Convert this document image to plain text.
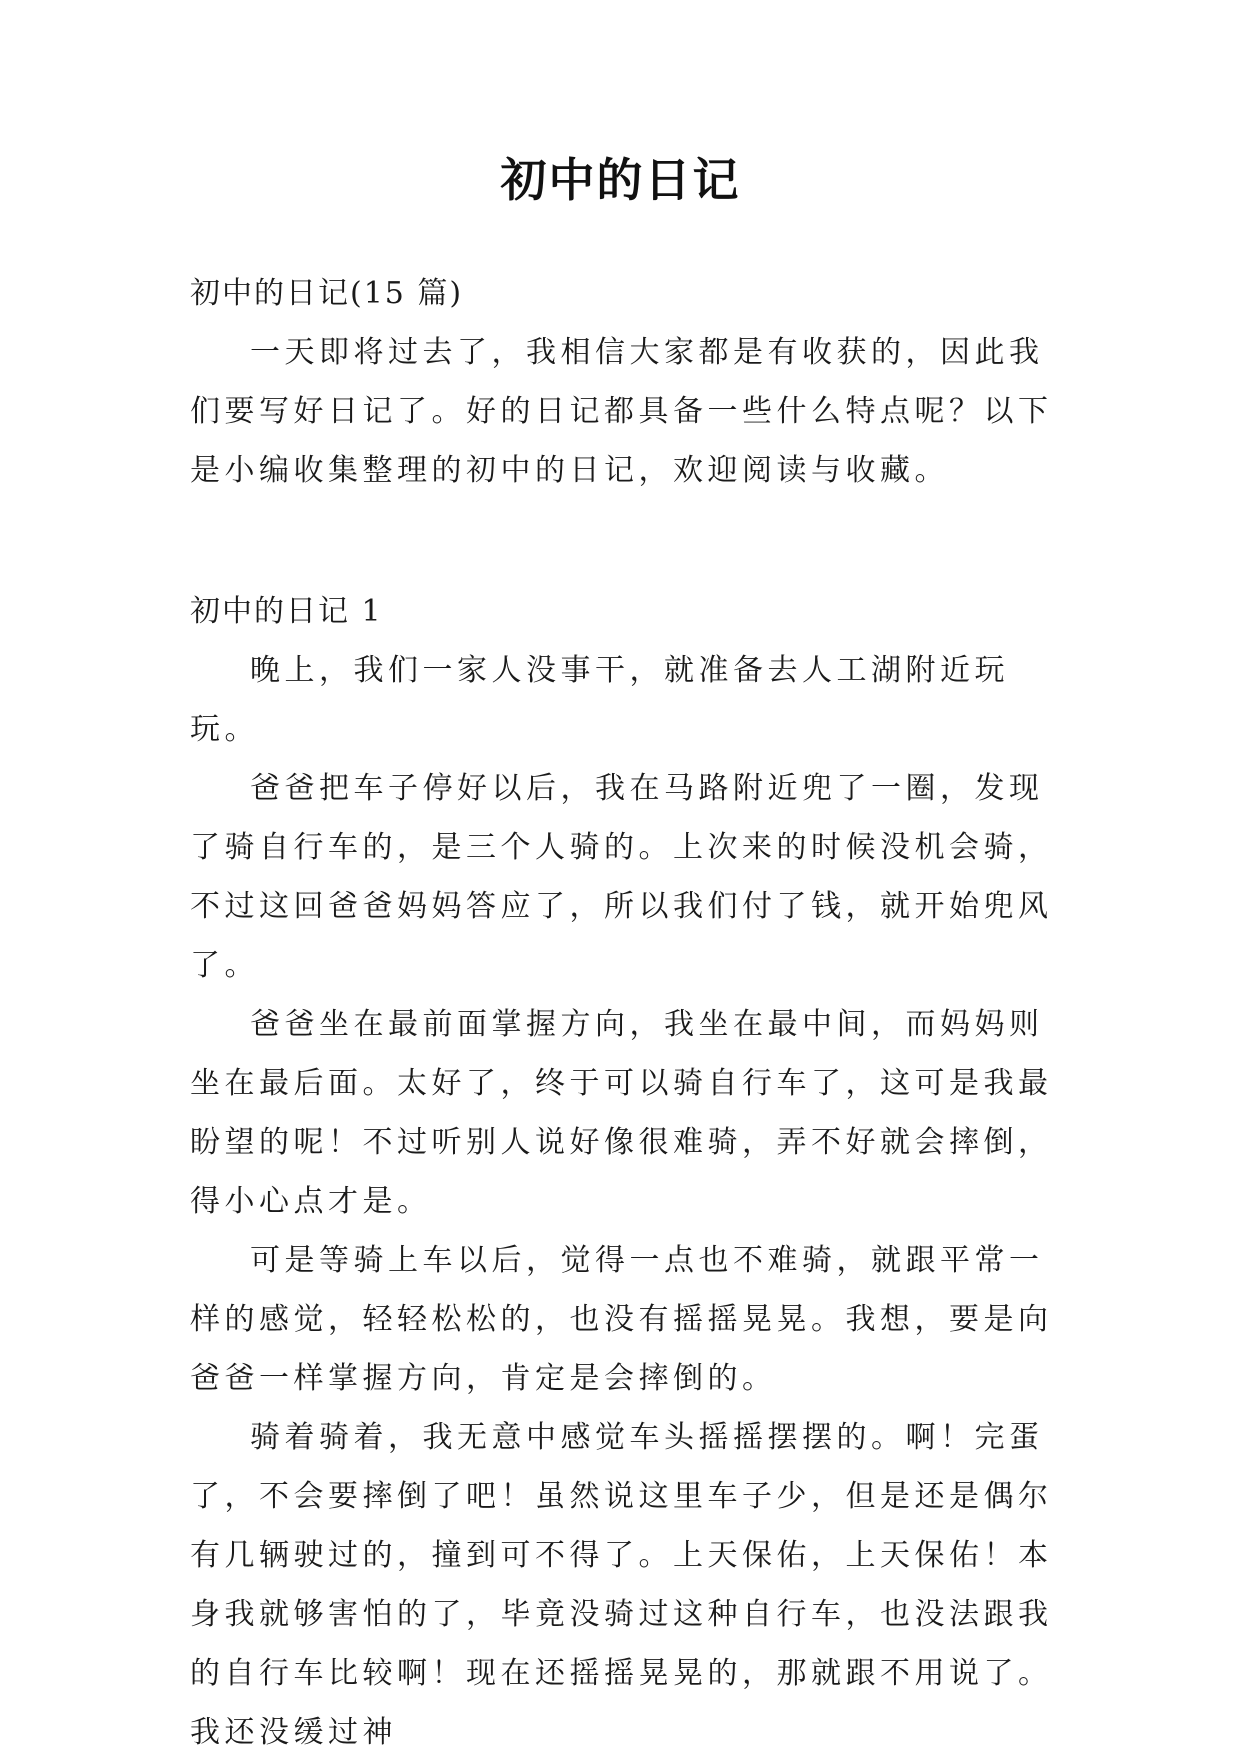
初中的日记

初中的日记(15 篇)

一天即将过去了，我相信大家都是有收获的，因此我们要写好日记了。好的日记都具备一些什么特点呢？以下是小编收集整理的初中的日记，欢迎阅读与收藏。

初中的日记 1

晚上，我们一家人没事干，就准备去人工湖附近玩玩。

爸爸把车子停好以后，我在马路附近兜了一圈，发现了骑自行车的，是三个人骑的。上次来的时候没机会骑，不过这回爸爸妈妈答应了，所以我们付了钱，就开始兜风了。

爸爸坐在最前面掌握方向，我坐在最中间，而妈妈则坐在最后面。太好了，终于可以骑自行车了，这可是我最盼望的呢！不过听别人说好像很难骑，弄不好就会摔倒，得小心点才是。

可是等骑上车以后，觉得一点也不难骑，就跟平常一样的感觉，轻轻松松的，也没有摇摇晃晃。我想，要是向爸爸一样掌握方向，肯定是会摔倒的。

骑着骑着，我无意中感觉车头摇摇摆摆的。啊！完蛋了，不会要摔倒了吧！虽然说这里车子少，但是还是偶尔有几辆驶过的，撞到可不得了。上天保佑，上天保佑！本身我就够害怕的了，毕竟没骑过这种自行车，也没法跟我的自行车比较啊！现在还摇摇晃晃的，那就跟不用说了。我还没缓过神
